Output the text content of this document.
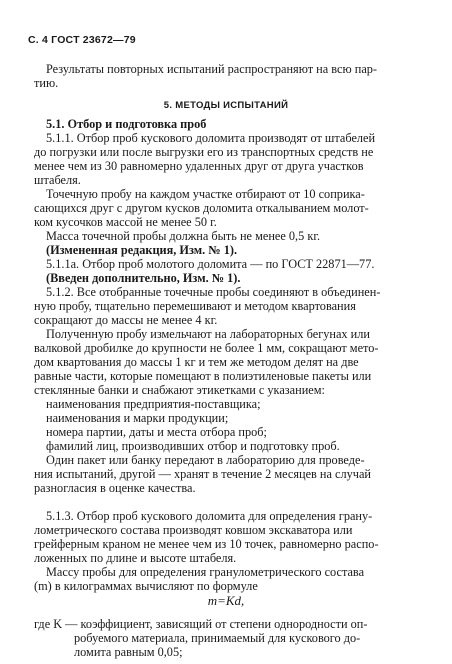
С. 4 ГОСТ 23672—79
Результаты повторных испытаний распространяют на всю пар-
тию.
5. МЕТОДЫ ИСПЫТАНИЙ
5.1. Отбор и подготовка проб
5.1.1. Отбор проб кускового доломита производят от штабелей
до погрузки или после выгрузки его из транспортных средств не
менее чем из 30 равномерно удаленных друг от друга участков
штабеля.
Точечную пробу на каждом участке отбирают от 10 соприка-
сающихся друг с другом кусков доломита откалыванием молот-
ком кусочков массой не менее 50 г.
Масса точечной пробы должна быть не менее 0,5 кг.
(Измененная редакция, Изм. № 1).
5.1.1а. Отбор проб молотого доломита — по ГОСТ 22871—77.
(Введен дополнительно, Изм. № 1).
5.1.2. Все отобранные точечные пробы соединяют в объединен-
ную пробу, тщательно перемешивают и методом квартования
сокращают до массы не менее 4 кг.
Полученную пробу измельчают на лабораторных бегунах или
валковой дробилке до крупности не более 1 мм, сокращают мето-
дом квартования до массы 1 кг и тем же методом делят на две
равные части, которые помещают в полиэтиленовые пакеты или
стеклянные банки и снабжают этикетками с указанием:
наименования предприятия-поставщика;
наименования и марки продукции;
номера партии, даты и места отбора проб;
фамилий лиц, производивших отбор и подготовку проб.
Один пакет или банку передают в лабораторию для проведе-
ния испытаний, другой — хранят в течение 2 месяцев на случай
разногласия в оценке качества.
5.1.3. Отбор проб кускового доломита для определения грану-
лометрического состава производят ковшом экскаватора или
грейферным краном не менее чем из 10 точек, равномерно распо-
ложенных по длине и высоте штабеля.
Массу пробы для определения гранулометрического состава
(m) в килограммах вычисляют по формуле
m=Kd,
где K — коэффициент, зависящий от степени однородности оп-
робуемого материала, принимаемый для кускового до-
ломита равным 0,05;
